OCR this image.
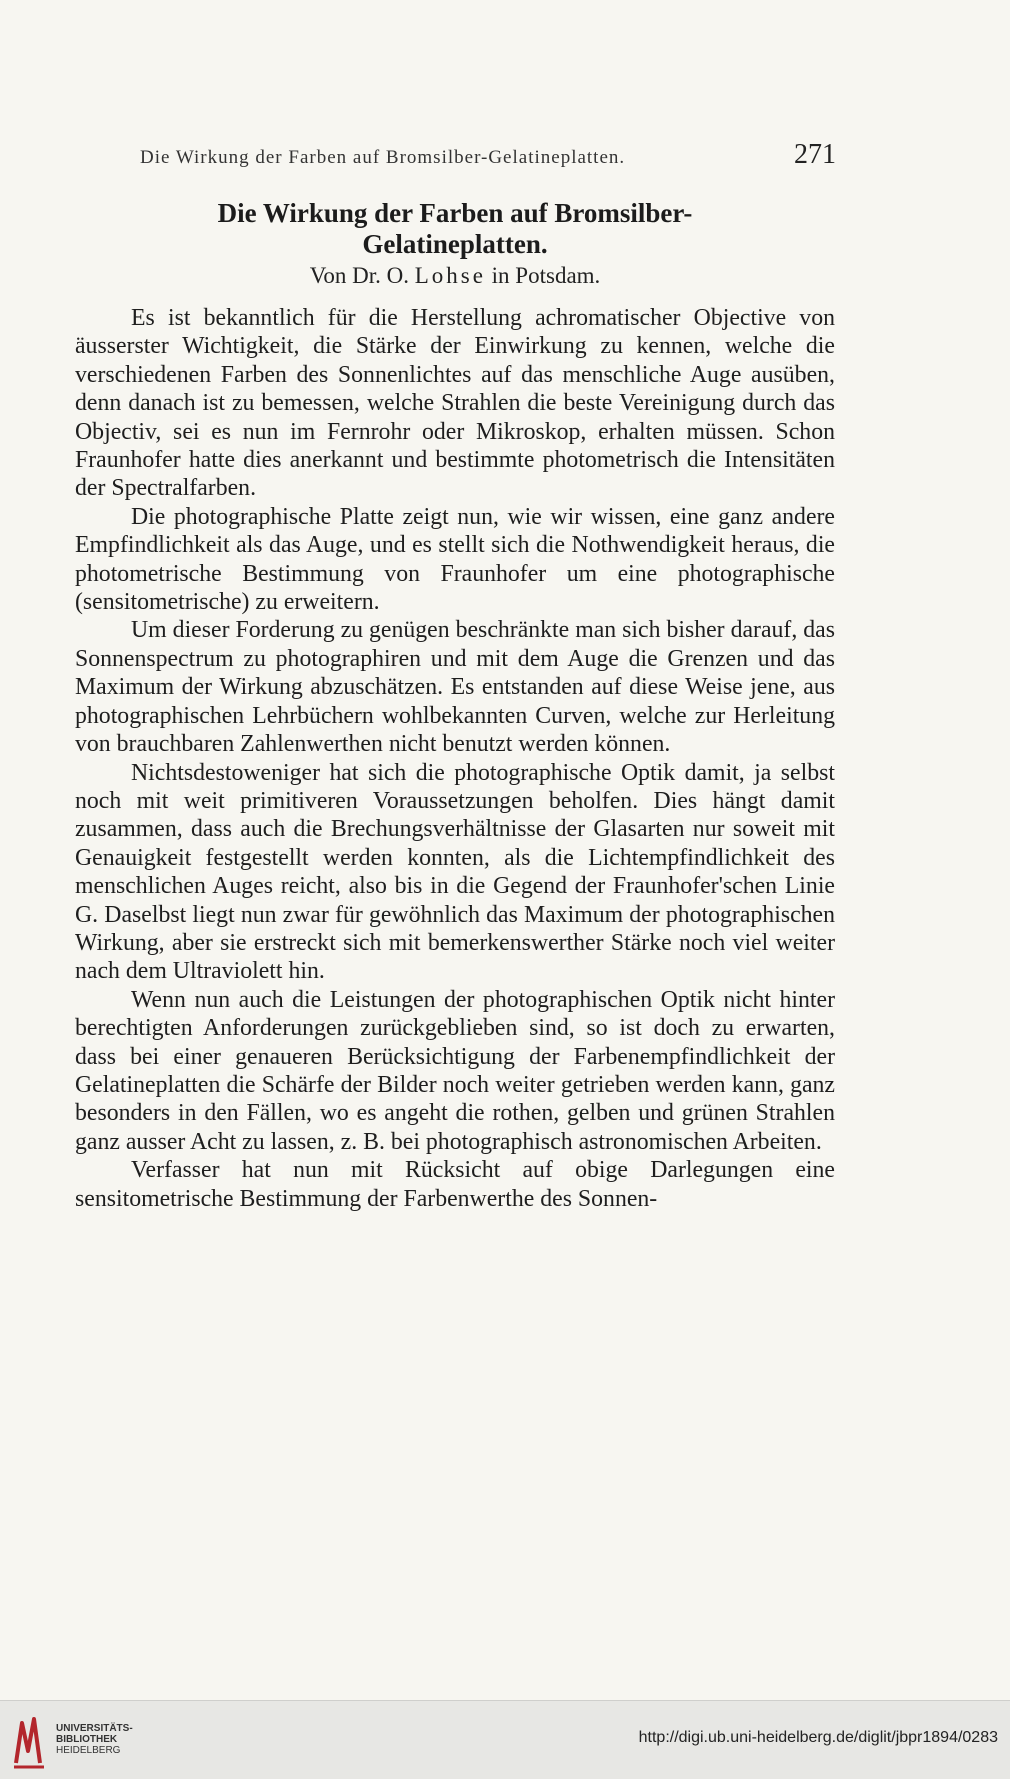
Die Wirkung der Farben auf Bromsilber-Gelatineplatten.	271
Die Wirkung der Farben auf Bromsilber-
Gelatineplatten.
Von Dr. O. Lohse in Potsdam.

Es ist bekanntlich für die Herstellung achromatischer Objective von äusserster Wichtigkeit, die Stärke der Einwirkung zu kennen, welche die verschiedenen Farben des Sonnenlichtes auf das menschliche Auge ausüben, denn danach ist zu bemessen, welche Strahlen die beste Vereinigung durch das Objectiv, sei es nun im Fernrohr oder Mikroskop, erhalten müssen. Schon Fraunhofer hatte dies anerkannt und bestimmte photometrisch die Intensitäten der Spectralfarben.

Die photographische Platte zeigt nun, wie wir wissen, eine ganz andere Empfindlichkeit als das Auge, und es stellt sich die Nothwendigkeit heraus, die photometrische Bestimmung von Fraunhofer um eine photographische (sensitometrische) zu erweitern.

Um dieser Forderung zu genügen beschränkte man sich bisher darauf, das Sonnenspectrum zu photographiren und mit dem Auge die Grenzen und das Maximum der Wirkung abzuschätzen. Es entstanden auf diese Weise jene, aus photographischen Lehrbüchern wohlbekannten Curven, welche zur Herleitung von brauchbaren Zahlenwerthen nicht benutzt werden können.

Nichtsdestoweniger hat sich die photographische Optik damit, ja selbst noch mit weit primitiveren Voraussetzungen beholfen. Dies hängt damit zusammen, dass auch die Brechungsverhältnisse der Glasarten nur soweit mit Genauigkeit festgestellt werden konnten, als die Lichtempfindlichkeit des menschlichen Auges reicht, also bis in die Gegend der Fraunhofer'schen Linie G. Daselbst liegt nun zwar für gewöhnlich das Maximum der photographischen Wirkung, aber sie erstreckt sich mit bemerkenswerther Stärke noch viel weiter nach dem Ultraviolett hin.

Wenn nun auch die Leistungen der photographischen Optik nicht hinter berechtigten Anforderungen zurückgeblieben sind, so ist doch zu erwarten, dass bei einer genaueren Berücksichtigung der Farbenempfindlichkeit der Gelatineplatten die Schärfe der Bilder noch weiter getrieben werden kann, ganz besonders in den Fällen, wo es angeht die rothen, gelben und grünen Strahlen ganz ausser Acht zu lassen, z. B. bei photographisch astronomischen Arbeiten.

Verfasser hat nun mit Rücksicht auf obige Darlegungen eine sensitometrische Bestimmung der Farbenwerthe des Sonnen-

UNIVERSITÄTS-
BIBLIOTHEK
HEIDELBERG
http://digi.ub.uni-heidelberg.de/diglit/jbpr1894/0283
